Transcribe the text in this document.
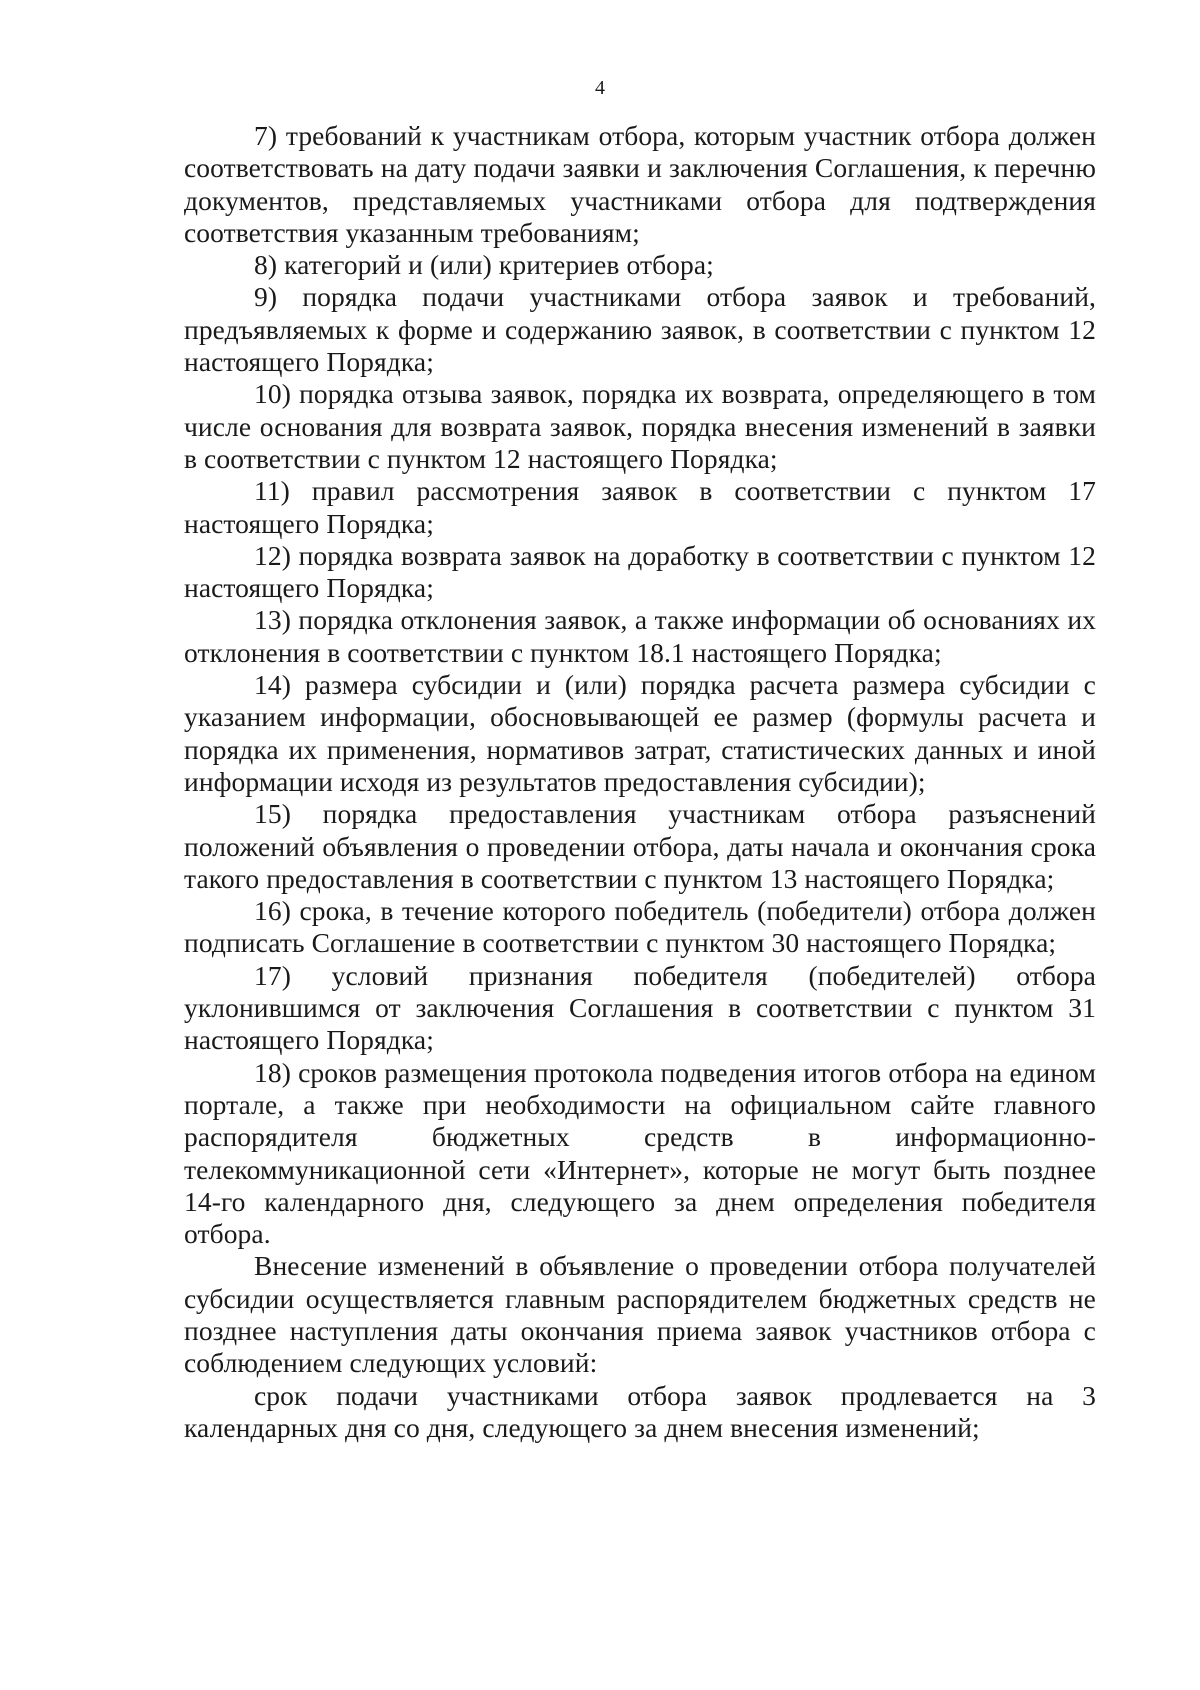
4

7) требований к участникам отбора, которым участник отбора должен соответствовать на дату подачи заявки и заключения Соглашения, к перечню документов, представляемых участниками отбора для подтверждения соответствия указанным требованиям;

8) категорий и (или) критериев отбора;

9) порядка подачи участниками отбора заявок и требований, предъявляемых к форме и содержанию заявок, в соответствии с пунктом 12 настоящего Порядка;

10) порядка отзыва заявок, порядка их возврата, определяющего в том числе основания для возврата заявок, порядка внесения изменений в заявки в соответствии с пунктом 12 настоящего Порядка;

11) правил рассмотрения заявок в соответствии с пунктом 17 настоящего Порядка;

12) порядка возврата заявок на доработку в соответствии с пунктом 12 настоящего Порядка;

13) порядка отклонения заявок, а также информации об основаниях их отклонения в соответствии с пунктом 18.1 настоящего Порядка;

14) размера субсидии и (или) порядка расчета размера субсидии с указанием информации, обосновывающей ее размер (формулы расчета и порядка их применения, нормативов затрат, статистических данных и иной информации исходя из результатов предоставления субсидии);

15) порядка предоставления участникам отбора разъяснений положений объявления о проведении отбора, даты начала и окончания срока такого предоставления в соответствии с пунктом 13 настоящего Порядка;

16) срока, в течение которого победитель (победители) отбора должен подписать Соглашение в соответствии с пунктом 30 настоящего Порядка;

17) условий признания победителя (победителей) отбора уклонившимся от заключения Соглашения в соответствии с пунктом 31 настоящего Порядка;

18) сроков размещения протокола подведения итогов отбора на едином портале, а также при необходимости на официальном сайте главного распорядителя бюджетных средств в информационно-телекоммуникационной сети «Интернет», которые не могут быть позднее 14-го календарного дня, следующего за днем определения победителя отбора.

Внесение изменений в объявление о проведении отбора получателей субсидии осуществляется главным распорядителем бюджетных средств не позднее наступления даты окончания приема заявок участников отбора с соблюдением следующих условий:

срок подачи участниками отбора заявок продлевается на 3 календарных дня со дня, следующего за днем внесения изменений;
